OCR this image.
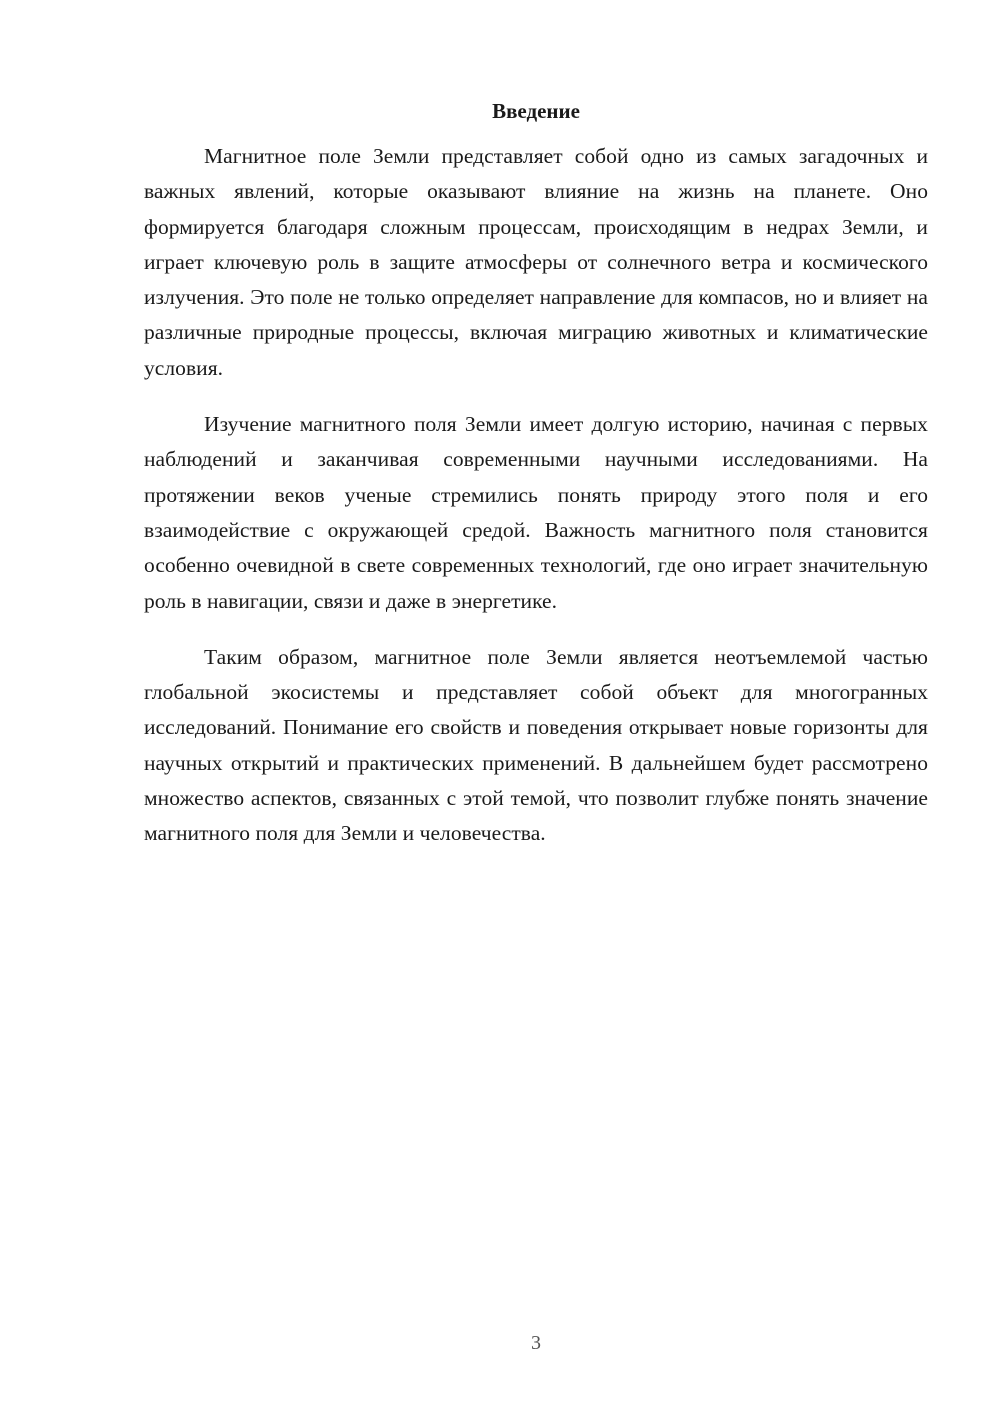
Введение

Магнитное поле Земли представляет собой одно из самых загадочных и важных явлений, которые оказывают влияние на жизнь на планете. Оно формируется благодаря сложным процессам, происходящим в недрах Земли, и играет ключевую роль в защите атмосферы от солнечного ветра и космического излучения. Это поле не только определяет направление для компасов, но и влияет на различные природные процессы, включая миграцию животных и климатические условия.

Изучение магнитного поля Земли имеет долгую историю, начиная с первых наблюдений и заканчивая современными научными исследованиями. На протяжении веков ученые стремились понять природу этого поля и его взаимодействие с окружающей средой. Важность магнитного поля становится особенно очевидной в свете современных технологий, где оно играет значительную роль в навигации, связи и даже в энергетике.

Таким образом, магнитное поле Земли является неотъемлемой частью глобальной экосистемы и представляет собой объект для многогранных исследований. Понимание его свойств и поведения открывает новые горизонты для научных открытий и практических применений. В дальнейшем будет рассмотрено множество аспектов, связанных с этой темой, что позволит глубже понять значение магнитного поля для Земли и человечества.

3
